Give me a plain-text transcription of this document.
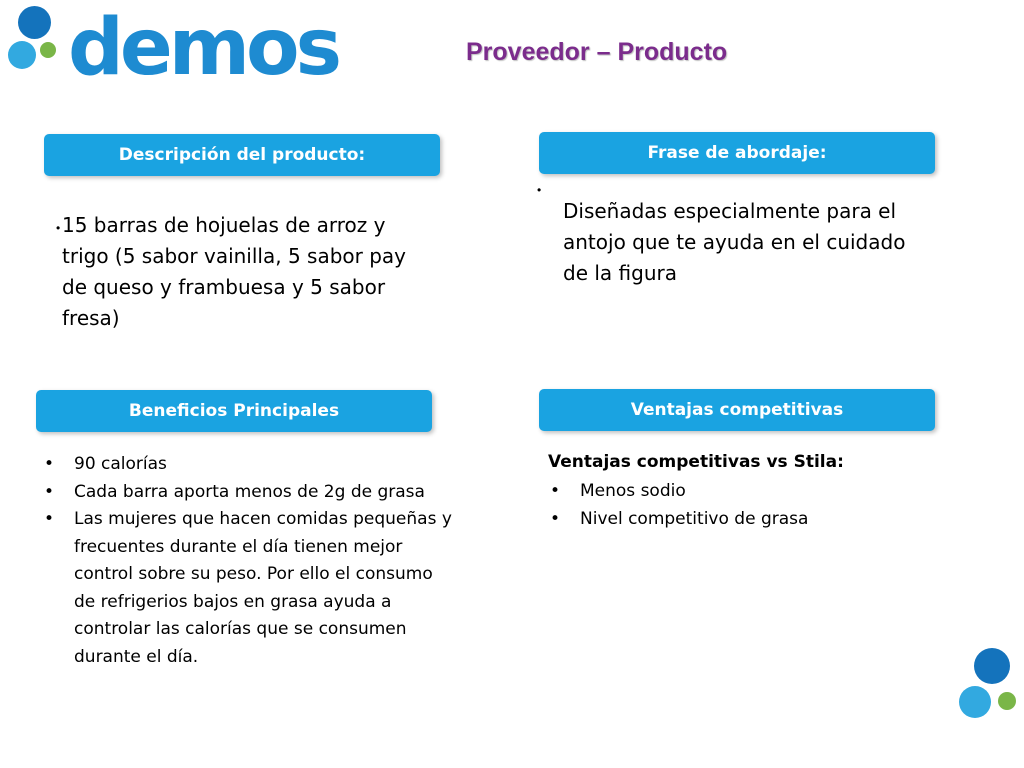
demos	Proveedor – Producto
Descripción del producto:
• 15 barras de hojuelas de arroz y trigo (5 sabor vainilla, 5 sabor pay de queso y frambuesa y 5 sabor fresa)
Frase de abordaje:
•
Diseñadas especialmente para el antojo que te ayuda en el cuidado de la figura
Beneficios Principales
• 90 calorías
• Cada barra aporta menos de 2g de grasa
• Las mujeres que hacen comidas pequeñas y frecuentes durante el día tienen mejor control sobre su peso. Por ello el consumo de refrigerios bajos en grasa ayuda a controlar las calorías que se consumen durante el día.
Ventajas competitivas
Ventajas competitivas vs Stila:
• Menos sodio
• Nivel competitivo de grasa
